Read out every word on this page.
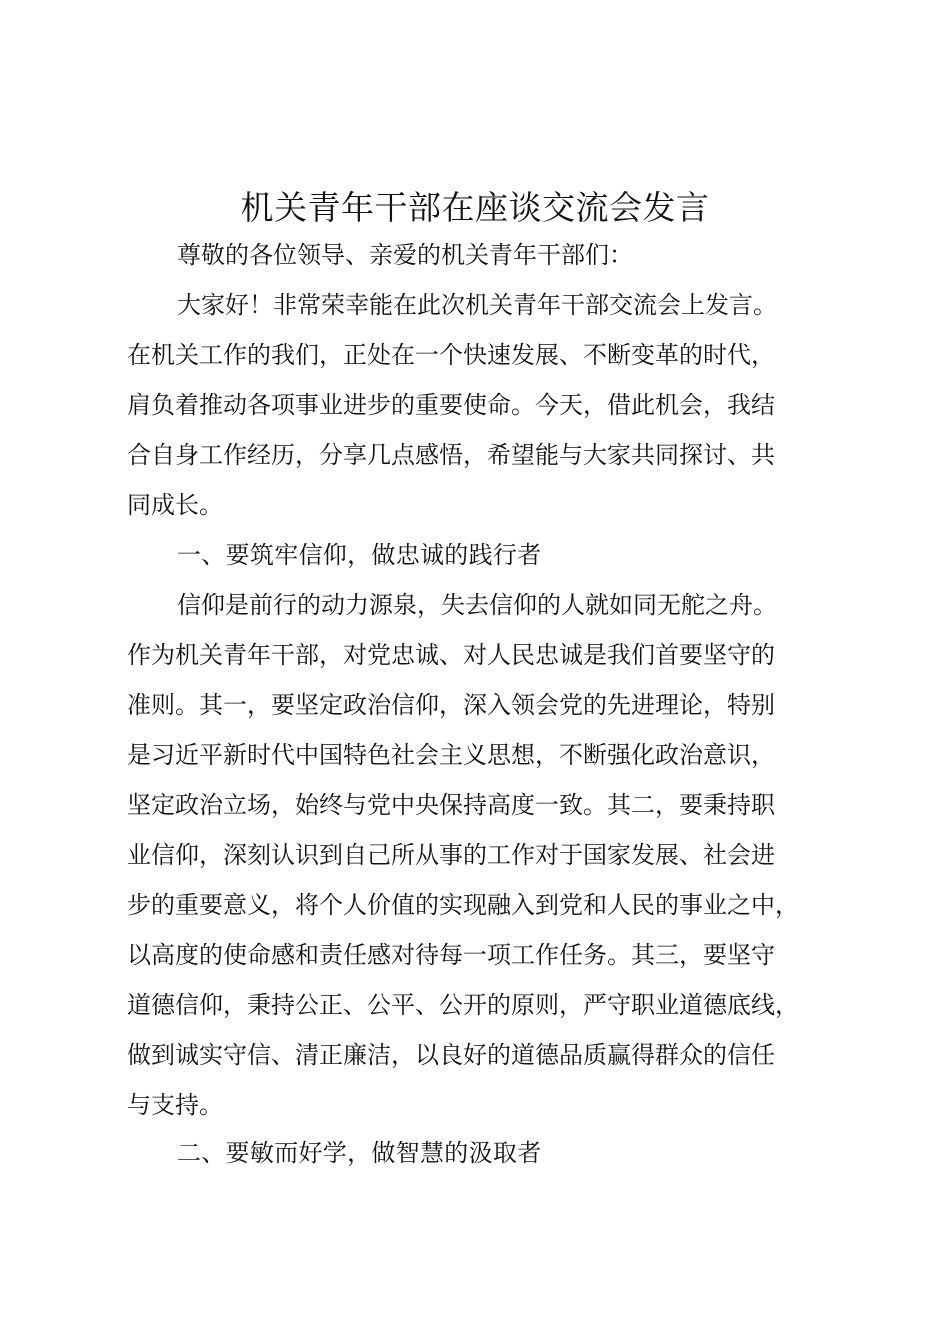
机关青年干部在座谈交流会发言
尊敬的各位领导、亲爱的机关青年干部们：
大家好！非常荣幸能在此次机关青年干部交流会上发言。
在机关工作的我们，正处在一个快速发展、不断变革的时代，
肩负着推动各项事业进步的重要使命。今天，借此机会，我结
合自身工作经历，分享几点感悟，希望能与大家共同探讨、共
同成长。
一、要筑牢信仰，做忠诚的践行者
信仰是前行的动力源泉，失去信仰的人就如同无舵之舟。
作为机关青年干部，对党忠诚、对人民忠诚是我们首要坚守的
准则。其一，要坚定政治信仰，深入领会党的先进理论，特别
是习近平新时代中国特色社会主义思想，不断强化政治意识，
坚定政治立场，始终与党中央保持高度一致。其二，要秉持职
业信仰，深刻认识到自己所从事的工作对于国家发展、社会进
步的重要意义，将个人价值的实现融入到党和人民的事业之中，
以高度的使命感和责任感对待每一项工作任务。其三，要坚守
道德信仰，秉持公正、公平、公开的原则，严守职业道德底线，
做到诚实守信、清正廉洁，以良好的道德品质赢得群众的信任
与支持。
二、要敏而好学，做智慧的汲取者
